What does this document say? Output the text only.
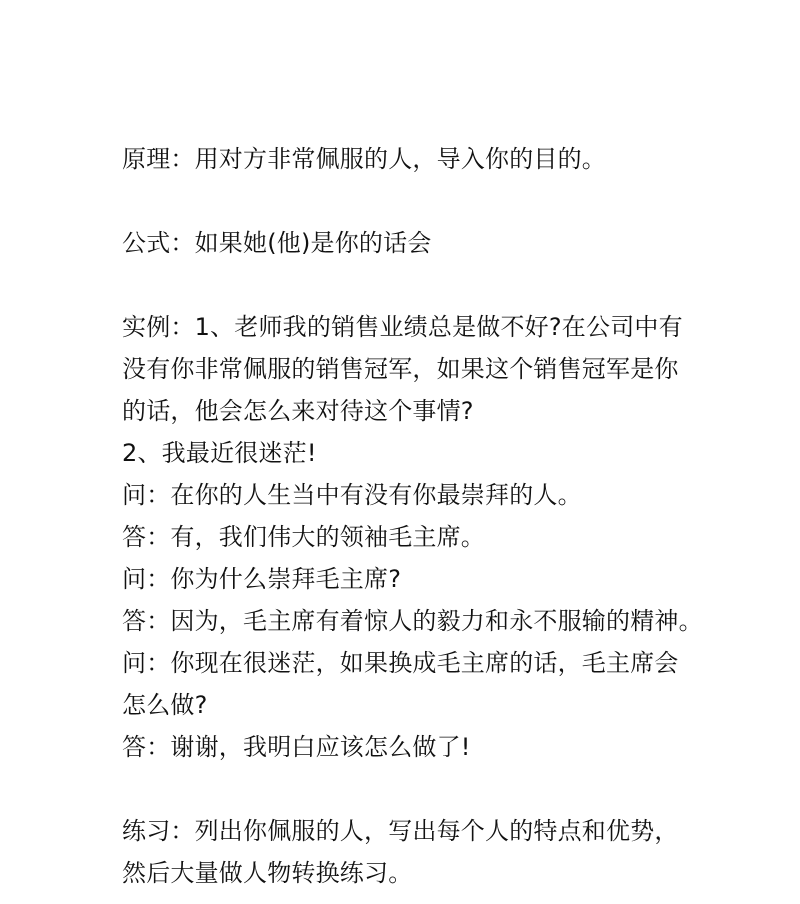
原理：用对方非常佩服的人，导入你的目的。
公式：如果她(他)是你的话会
实例：1、老师我的销售业绩总是做不好?在公司中有
没有你非常佩服的销售冠军，如果这个销售冠军是你
的话，他会怎么来对待这个事情?
2、我最近很迷茫!
问：在你的人生当中有没有你最崇拜的人。
答：有，我们伟大的领袖毛主席。
问：你为什么崇拜毛主席?
答：因为，毛主席有着惊人的毅力和永不服输的精神。
问：你现在很迷茫，如果换成毛主席的话，毛主席会
怎么做?
答：谢谢，我明白应该怎么做了!
练习：列出你佩服的人，写出每个人的特点和优势，
然后大量做人物转换练习。
